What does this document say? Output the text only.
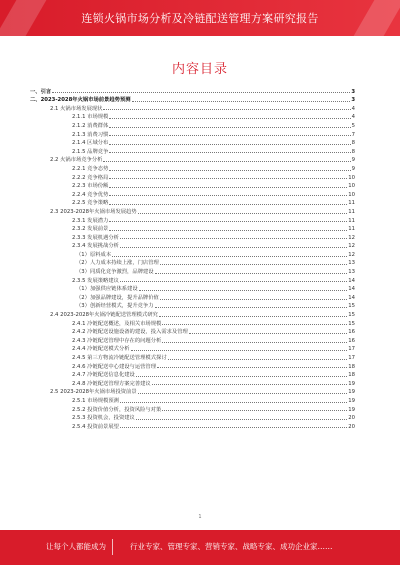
连锁火锅市场分析及冷链配送管理方案研究报告
内容目录
一、引言	3
二、2023-2028年火锅市场前景趋势预测	3
2.1 火锅市场发展现状	4
2.1.1 市场规模	4
2.1.2 消费群体	5
2.1.3 消费习惯	7
2.1.4 区域分布	8
2.1.5 品牌竞争	8
2.2 火锅市场竞争分析	9
2.2.1 竞争态势	9
2.2.2 竞争格局	10
2.2.3 市场份额	10
2.2.4 竞争优势	10
2.2.5 竞争策略	11
2.3 2023-2028年火锅市场发展趋势	11
2.3.1 发展潜力	11
2.3.2 发展前景	11
2.3.3 发展机遇分析	12
2.3.4 发展挑战分析	12
（1）原料成本	12
（2）人力成本持续上涨，门店管理	13
（3）同质化竞争激烈，品牌建设	13
2.3.5 发展策略建议	14
（1）加强供应链体系建设	14
（2）加强品牌建设，提升品牌价值	14
（3）创新经营模式，提升竞争力	15
2.4 2023-2028年火锅冷链配送管理模式研究	15
2.4.1 冷链配送概述，及相关市场规模	15
2.4.2 冷链配送设施设备的建设，投入需求及管理	16
2.4.3 冷链配送管理中存在的问题分析	16
2.4.4 冷链配送模式分析	17
2.4.5 第三方物流冷链配送管理模式探讨	17
2.4.6 冷链配送中心建设与运营管理	18
2.4.7 冷链配送信息化建设	18
2.4.8 冷链配送管理方案完善建议	19
2.5 2023-2028年火锅市场投资前景	19
2.5.1 市场规模预测	19
2.5.2 投资价值分析，投资风险与对策	19
2.5.3 投资机会，投资建议	20
2.5.4 投资前景展望	20
1
让每个人都能成为	行业专家、管理专家、营销专家、战略专家、成功企业家……
